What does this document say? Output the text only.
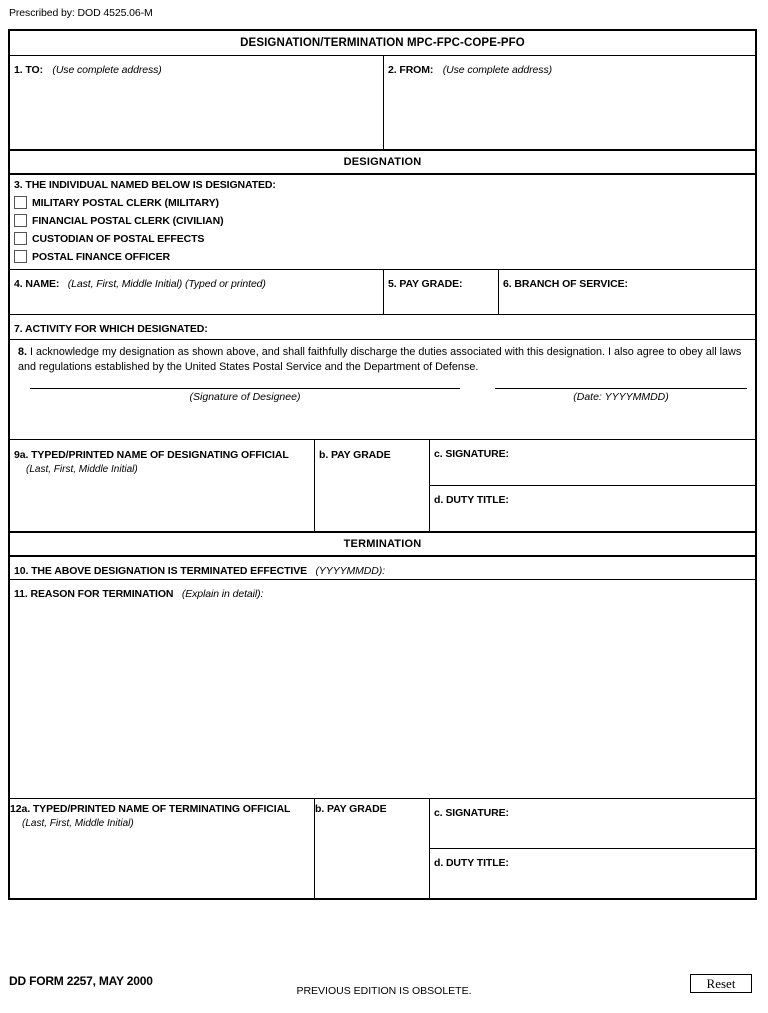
Prescribed by: DOD 4525.06-M
DESIGNATION/TERMINATION MPC-FPC-COPE-PFO
1. TO: (Use complete address)	2. FROM: (Use complete address)
DESIGNATION
3. THE INDIVIDUAL NAMED BELOW IS DESIGNATED:
MILITARY POSTAL CLERK (MILITARY)
FINANCIAL POSTAL CLERK (CIVILIAN)
CUSTODIAN OF POSTAL EFFECTS
POSTAL FINANCE OFFICER
4. NAME: (Last, First, Middle Initial) (Typed or printed)	5. PAY GRADE:	6. BRANCH OF SERVICE:
7. ACTIVITY FOR WHICH DESIGNATED:
8. I acknowledge my designation as shown above, and shall faithfully discharge the duties associated with this designation. I also agree to obey all laws and regulations established by the United States Postal Service and the Department of Defense.
(Signature of Designee)	(Date: YYYYMMDD)
9a. TYPED/PRINTED NAME OF DESIGNATING OFFICIAL
(Last, First, Middle Initial)
b. PAY GRADE	c. SIGNATURE:
d. DUTY TITLE:
TERMINATION
10. THE ABOVE DESIGNATION IS TERMINATED EFFECTIVE (YYYYMMDD):
11. REASON FOR TERMINATION (Explain in detail):
12a. TYPED/PRINTED NAME OF TERMINATING OFFICIAL
(Last, First, Middle Initial)
b. PAY GRADE	c. SIGNATURE:
d. DUTY TITLE:
DD FORM 2257, MAY 2000
PREVIOUS EDITION IS OBSOLETE.	Reset
